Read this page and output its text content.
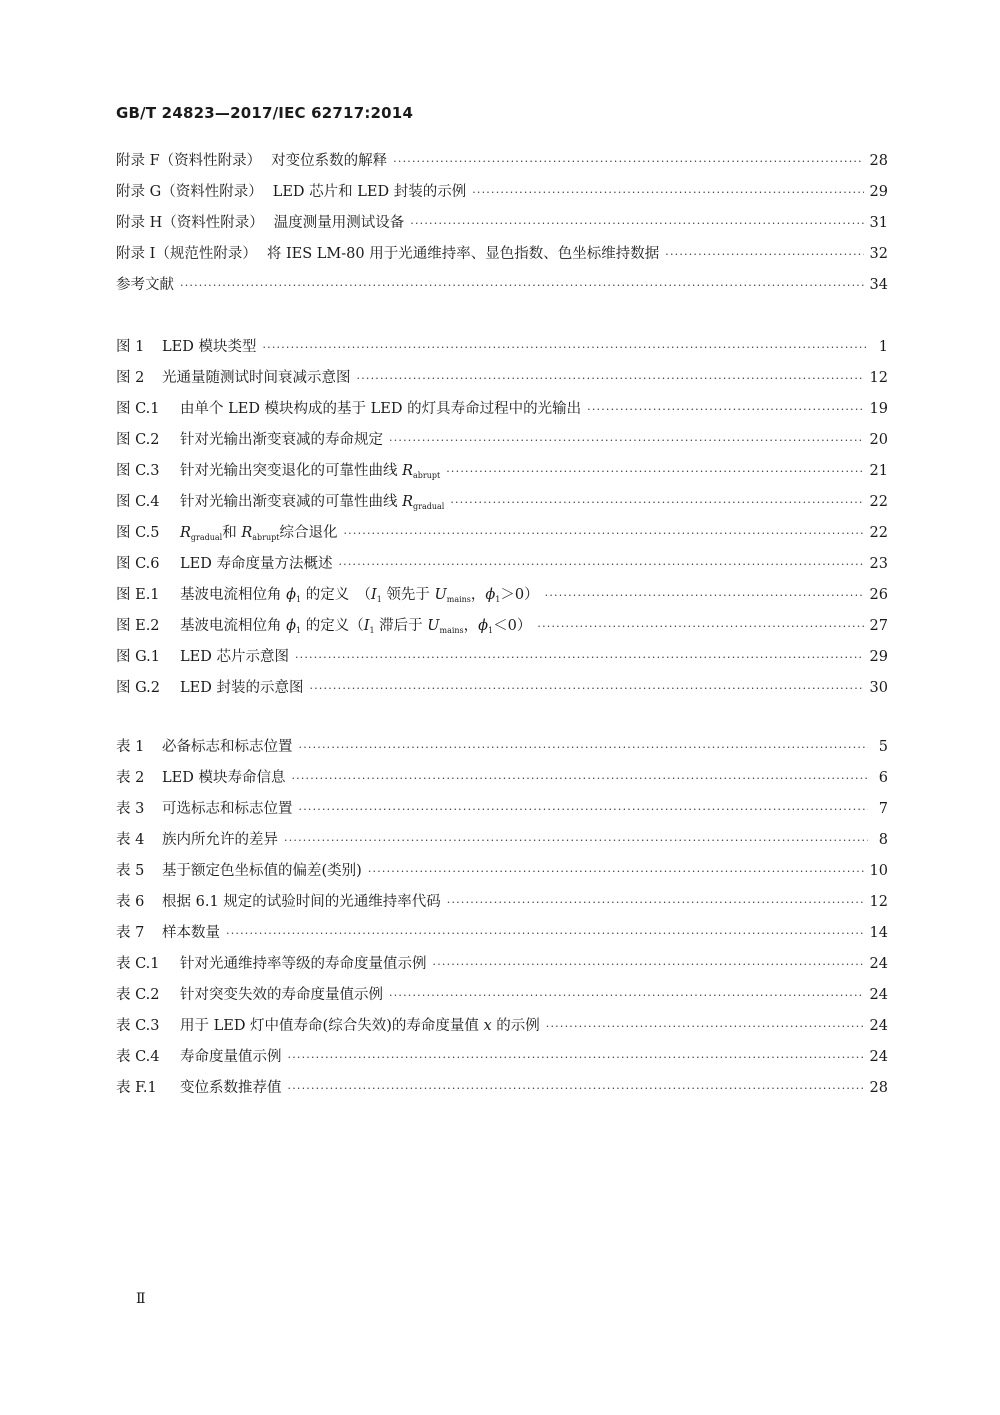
GB/T 24823—2017/IEC 62717:2014
附录 F（资料性附录） 对变位系数的解释 ·····	28
附录 G（资料性附录） LED 芯片和 LED 封装的示例 ·····	29
附录 H（资料性附录） 温度测量用测试设备 ·····	31
附录 I（规范性附录） 将 IES LM-80 用于光通维持率、显色指数、色坐标维持数据 ·····	32
参考文献 ·····	34
图 1	LED 模块类型 ·····	1
图 2	光通量随测试时间衰减示意图 ·····	12
图 C.1	由单个 LED 模块构成的基于 LED 的灯具寿命过程中的光输出 ·····	19
图 C.2	针对光输出渐变衰减的寿命规定 ·····	20
图 C.3	针对光输出突变退化的可靠性曲线 $R_{abrupt}$ ·····	21
图 C.4	针对光输出渐变衰减的可靠性曲线 $R_{gradual}$ ·····	22
图 C.5	$R_{gradual}$和 $R_{abrupt}$综合退化 ·····	22
图 C.6	LED 寿命度量方法概述 ·····	23
图 E.1	基波电流相位角 $\phi_1$ 的定义　（$I_1$ 领先于 $U_{mains}$，$\phi_1>0$） ·····	26
图 E.2	基波电流相位角 $\phi_1$ 的定义（$I_1$ 滞后于 $U_{mains}$，$\phi_1<0$） ·····	27
图 G.1	LED 芯片示意图 ·····	29
图 G.2	LED 封装的示意图 ·····	30
表 1	必备标志和标志位置 ·····	5
表 2	LED 模块寿命信息 ·····	6
表 3	可选标志和标志位置 ·····	7
表 4	族内所允许的差异 ·····	8
表 5	基于额定色坐标值的偏差(类别) ·····	10
表 6	根据 6.1 规定的试验时间的光通维持率代码 ·····	12
表 7	样本数量 ·····	14
表 C.1	针对光通维持率等级的寿命度量值示例 ·····	24
表 C.2	针对突变失效的寿命度量值示例 ·····	24
表 C.3	用于 LED 灯中值寿命(综合失效)的寿命度量值 x 的示例 ·····	24
表 C.4	寿命度量值示例 ·····	24
表 F.1	变位系数推荐值 ·····	28
Ⅱ
